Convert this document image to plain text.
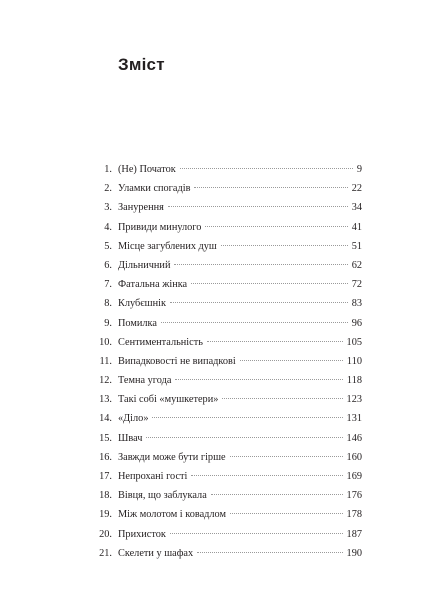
Зміст
1. (Не) Початок	9
2. Уламки спогадів	22
3. Занурення	34
4. Привиди минулого	41
5. Місце загублених душ	51
6. Дільничний	62
7. Фатальна жінка	72
8. Клубєшнік	83
9. Помилка	96
10. Сентиментальність	105
11. Випадковості не випадкові	110
12. Темна угода	118
13. Такі собі «мушкетери»	123
14. «Діло»	131
15. Швач	146
16. Завжди може бути гірше	160
17. Непрохані гості	169
18. Вівця, що заблукала	176
19. Між молотом і ковадлом	178
20. Прихисток	187
21. Скелети у шафах	190
